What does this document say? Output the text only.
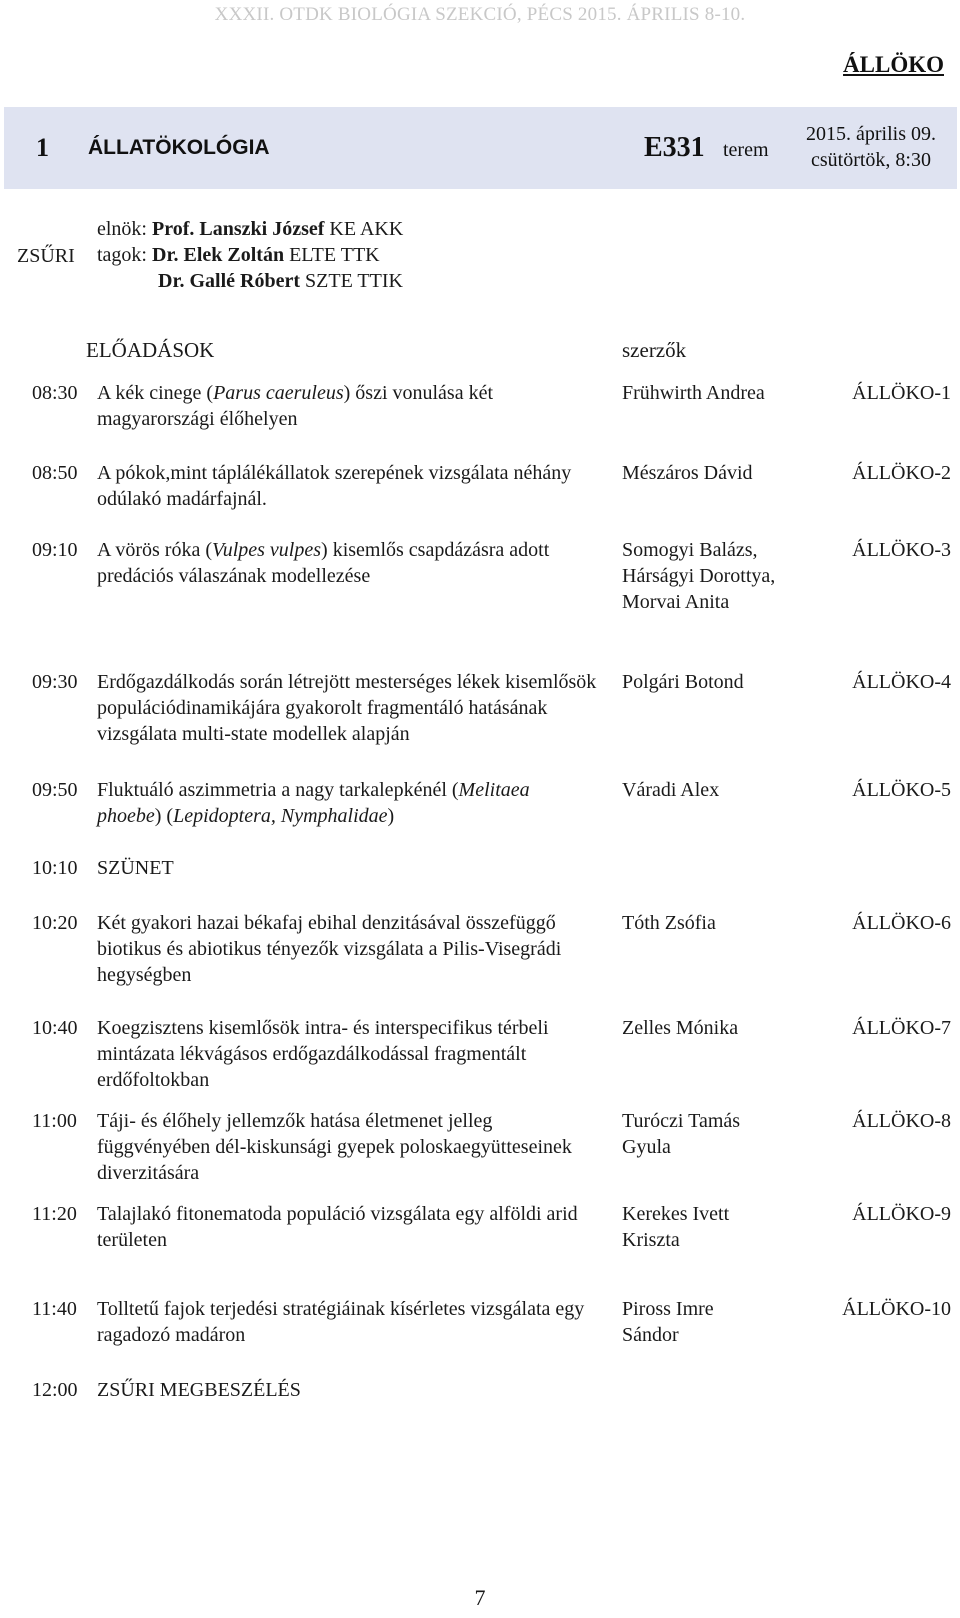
XXXII. OTDK BIOLÓGIA SZEKCIÓ, PÉCS 2015. ÁPRILIS 8-10.
ÁLLÖKO
1 ÁLLATÖKOLÓGIA	E331 terem
2015. április 09.
csütörtök, 8:30
ZSŰRI
elnök: Prof. Lanszki József KE AKK
tagok: Dr. Elek Zoltán ELTE TTK
Dr. Gallé Róbert SZTE TTIK
ELŐADÁSOK	szerzők
08:30 A kék cinege (Parus caeruleus) őszi vonulása két magyarországi élőhelyen
Frühwirth Andrea	ÁLLÖKO-1
08:50 A pókok,mint táplálékállatok szerepének vizsgálata néhány odúlakó madárfajnál.
Mészáros Dávid	ÁLLÖKO-2
09:10 A vörös róka (Vulpes vulpes) kisemlős csapdázásra adott predációs válaszának modellezése
Somogyi Balázs, Hárságyi Dorottya, Morvai Anita
ÁLLÖKO-3
09:30 Erdőgazdálkodás során létrejött mesterséges lékek kisemlősök populációdinamikájára gyakorolt fragmentáló hatásának vizsgálata multi-state modellek alapján
Polgári Botond	ÁLLÖKO-4
09:50 Fluktuáló aszimmetria a nagy tarkalepkénél (Melitaea phoebe) (Lepidoptera, Nymphalidae)
Váradi Alex	ÁLLÖKO-5
10:10 SZÜNET
10:20 Két gyakori hazai békafaj ebihal denzitásával összefüggő biotikus és abiotikus tényezők vizsgálata a Pilis-Visegrádi hegységben
Tóth Zsófia	ÁLLÖKO-6
10:40 Koegzisztens kisemlősök intra- és interspecifikus térbeli mintázata lékvágásos erdőgazdálkodással fragmentált erdőfoltokban
Zelles Mónika	ÁLLÖKO-7
11:00 Táji- és élőhely jellemzők hatása életmenet jelleg függvényében dél-kiskunsági gyepek poloskaegyütteseinek diverzitására
Turóczi Tamás Gyula
ÁLLÖKO-8
11:20 Talajlakó fitonematoda populáció vizsgálata egy alföldi arid területen
Kerekes Ivett Kriszta
ÁLLÖKO-9
11:40 Tolltetű fajok terjedési stratégiáinak kísérletes vizsgálata egy ragadozó madáron
Piross Imre Sándor
ÁLLÖKO-10
12:00 ZSŰRI MEGBESZÉLÉS
7
